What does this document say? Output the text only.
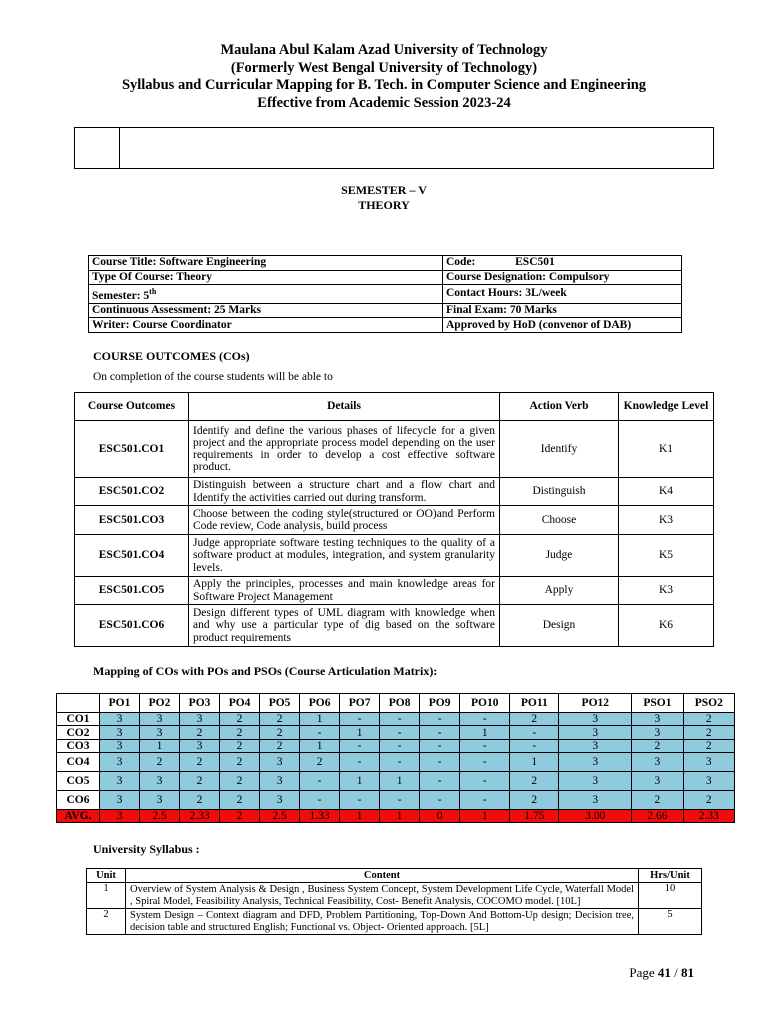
Maulana Abul Kalam Azad University of Technology
(Formerly West Bengal University of Technology)
Syllabus and Curricular Mapping for B. Tech. in Computer Science and Engineering
Effective from Academic Session 2023-24
SEMESTER – V
THEORY
Course Title: Software Engineering	Code: ESC501
Type Of Course: Theory	Course Designation: Compulsory
Semester: 5th	Contact Hours: 3L/week
Continuous Assessment: 25 Marks	Final Exam: 70 Marks
Writer: Course Coordinator	Approved by HoD (convenor of DAB)
COURSE OUTCOMES (COs)
On completion of the course students will be able to
Course Outcomes	Details	Action Verb	Knowledge Level
ESC501.CO1	Identify and define the various phases of lifecycle for a given project and the appropriate process model depending on the user requirements in order to develop a cost effective software product.	Identify	K1
ESC501.CO2	Distinguish between a structure chart and a flow chart and Identify the activities carried out during transform.	Distinguish	K4
ESC501.CO3	Choose between the coding style(structured or OO)and Perform Code review, Code analysis, build process	Choose	K3
ESC501.CO4	Judge appropriate software testing techniques to the quality of a software product at modules, integration, and system granularity levels.	Judge	K5
ESC501.CO5	Apply the principles, processes and main knowledge areas for Software Project Management	Apply	K3
ESC501.CO6	Design different types of UML diagram with knowledge when and why use a particular type of dig based on the software product requirements	Design	K6
Mapping of COs with POs and PSOs (Course Articulation Matrix):
	PO1	PO2	PO3	PO4	PO5	PO6	PO7	PO8	PO9	PO10	PO11	PO12	PSO1	PSO2
CO1	3	3	3	2	2	1	-	-	-	-	2	3	3	2
CO2	3	3	2	2	2	-	1	-	-	1	-	3	3	2
CO3	3	1	3	2	2	1	-	-	-	-	-	3	2	2
CO4	3	2	2	2	3	2	-	-	-	-	1	3	3	3
CO5	3	3	2	2	3	-	1	1	-	-	2	3	3	3
CO6	3	3	2	2	3	-	-	-	-	-	2	3	2	2
AVG.	3	2.5	2.33	2	2.5	1.33	1	1	0	1	1.75	3.00	2.66	2.33
University Syllabus :
Unit	Content	Hrs/Unit
1	Overview of System Analysis & Design , Business System Concept, System Development Life Cycle, Waterfall Model , Spiral Model, Feasibility Analysis, Technical Feasibility, Cost- Benefit Analysis, COCOMO model. [10L]	10
2	System Design – Context diagram and DFD, Problem Partitioning, Top-Down And Bottom-Up design; Decision tree, decision table and structured English; Functional vs. Object- Oriented approach. [5L]	5
Page 41 / 81
